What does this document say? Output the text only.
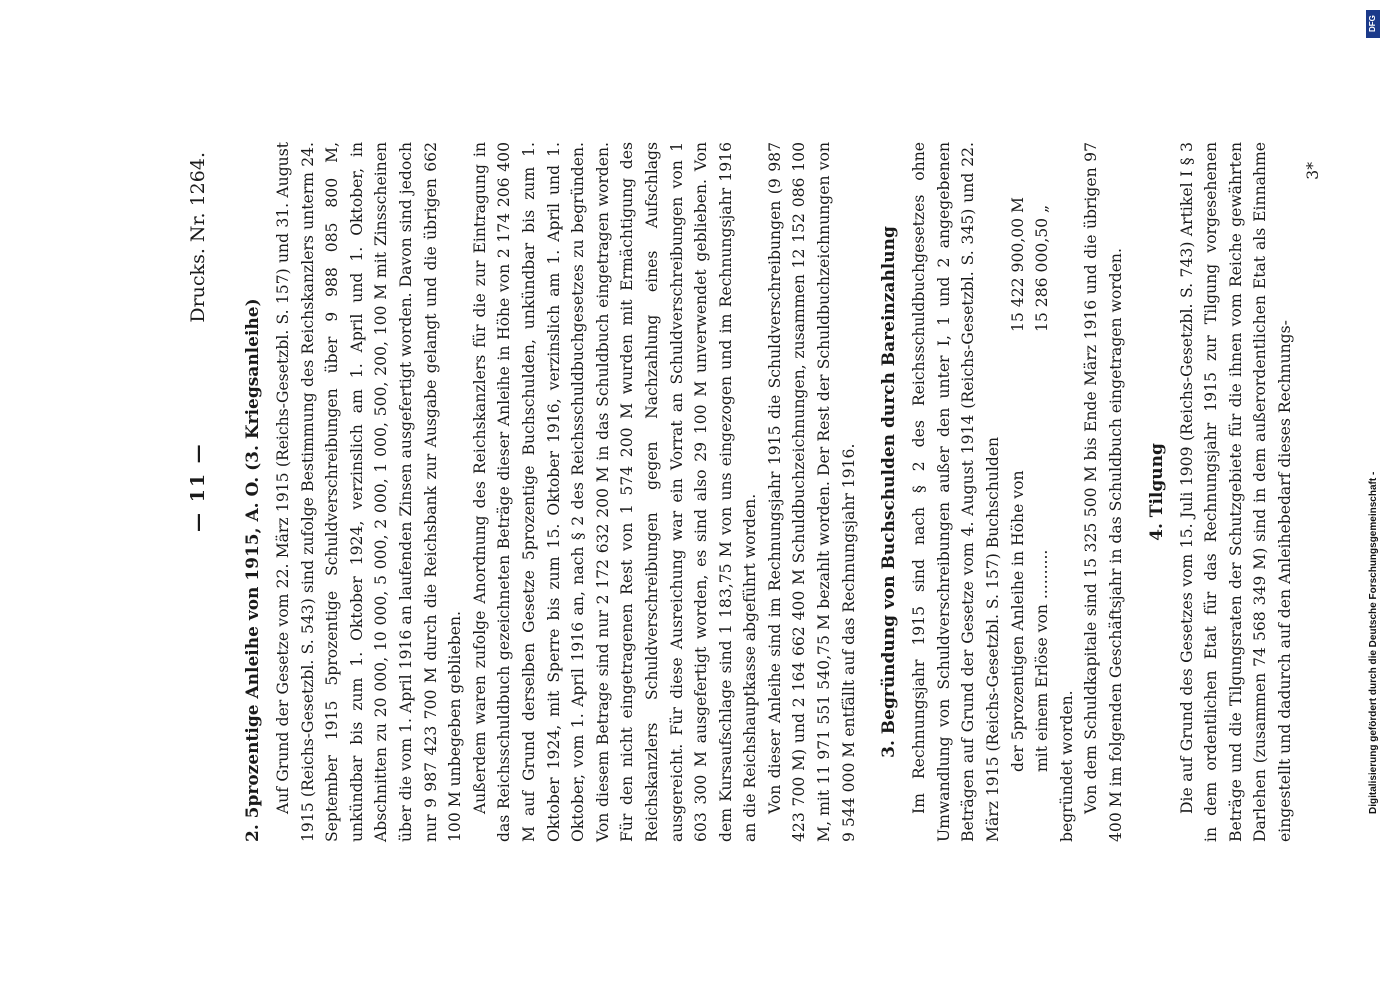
— 11 —
Drucks. Nr. 1264.
2. 5prozentige Anleihe von 1915, A. O. (3. Kriegsanleihe) Auf Grund der Gesetze vom 22. März 1915 (Reichs-Gesetzbl. S. 157) und 31. August 1915 (Reichs-Gesetzbl. S. 543) sind zufolge Bestimmung des Reichskanzlers unterm 24. September 1915 5prozentige Schuldverschreibungen über 9 988 085 800 M, unkündbar bis zum 1. Oktober 1924, verzinslich am 1. April und 1. Oktober, in Abschnitten zu 20 000, 10 000, 5 000, 2 000, 1 000, 500, 200, 100 M mit Zinsscheinen über die vom 1. April 1916 an laufenden Zinsen ausgefertigt worden. Davon sind jedoch nur 9 987 423 700 M durch die Reichsbank zur Ausgabe gelangt und die übrigen 662 100 M unbegeben geblieben. Außerdem waren zufolge Anordnung des Reichskanzlers für die zur Eintragung in das Reichsschuldbuch gezeichneten Beträge dieser Anleihe in Höhe von 2 174 206 400 M auf Grund derselben Gesetze 5prozentige Buchschulden, unkündbar bis zum 1. Oktober 1924, mit Sperre bis zum 15. Oktober 1916, verzinslich am 1. April und 1. Oktober, vom 1. April 1916 an, nach § 2 des Reichsschuldbuchgesetzes zu begründen. Von diesem Betrage sind nur 2 172 632 200 M in das Schuldbuch eingetragen worden. Für den nicht eingetragenen Rest von 1 574 200 M wurden mit Ermächtigung des Reichskanzlers Schuldverschreibungen gegen Nachzahlung eines Aufschlags ausgereicht. Für diese Ausreichung war ein Vorrat an Schuldverschreibungen von 1 603 300 M ausgefertigt worden, es sind also 29 100 M unverwendet geblieben. Von dem Kursaufschlage sind 1 183,75 M von uns eingezogen und im Rechnungsjahr 1916 an die Reichshauptkasse abgeführt worden. Von dieser Anleihe sind im Rechnungsjahr 1915 die Schuldverschreibungen (9 987 423 700 M) und 2 164 662 400 M Schuldbuchzeichnungen, zusammen 12 152 086 100 M, mit 11 971 551 540,75 M bezahlt worden. Der Rest der Schuldbuchzeichnungen von 9 544 000 M entfällt auf das Rechnungsjahr 1916. 3. Begründung von Buchschulden durch Bareinzahlung Im Rechnungsjahr 1915 sind nach § 2 des Reichsschuldbuchgesetzes ohne Umwandlung von Schuldverschreibungen außer den unter I, 1 und 2 angegebenen Beträgen auf Grund der Gesetze vom 4. August 1914 (Reichs-Gesetzbl. S. 345) und 22. März 1915 (Reichs-Gesetzbl. S. 157) Buchschulden der 5prozentigen Anleihe in Höhe von
15 422 900,00 M
mit einem Erlöse von ..........
15 286 000,50 „

begründet worden. Von dem Schuldkapitale sind 15 325 500 M bis Ende März 1916 und die übrigen 97 400 M im folgenden Geschäftsjahr in das Schuldbuch eingetragen worden. 4. Tilgung Die auf Grund des Gesetzes vom 15. Juli 1909 (Reichs-Gesetzbl. S. 743) Artikel I § 3 in dem ordentlichen Etat für das Rechnungsjahr 1915 zur Tilgung vorgesehenen Beträge und die Tilgungsraten der Schutzgebiete für die ihnen vom Reiche gewährten Darlehen (zusammen 74 568 349 M) sind in dem außerordentlichen Etat als Einnahme eingestellt und dadurch auf den Anleihebedarf dieses Rechnungs-

3*
DFG
Digitalisierung gefördert durch die Deutsche Forschungsgemeinschaft -
